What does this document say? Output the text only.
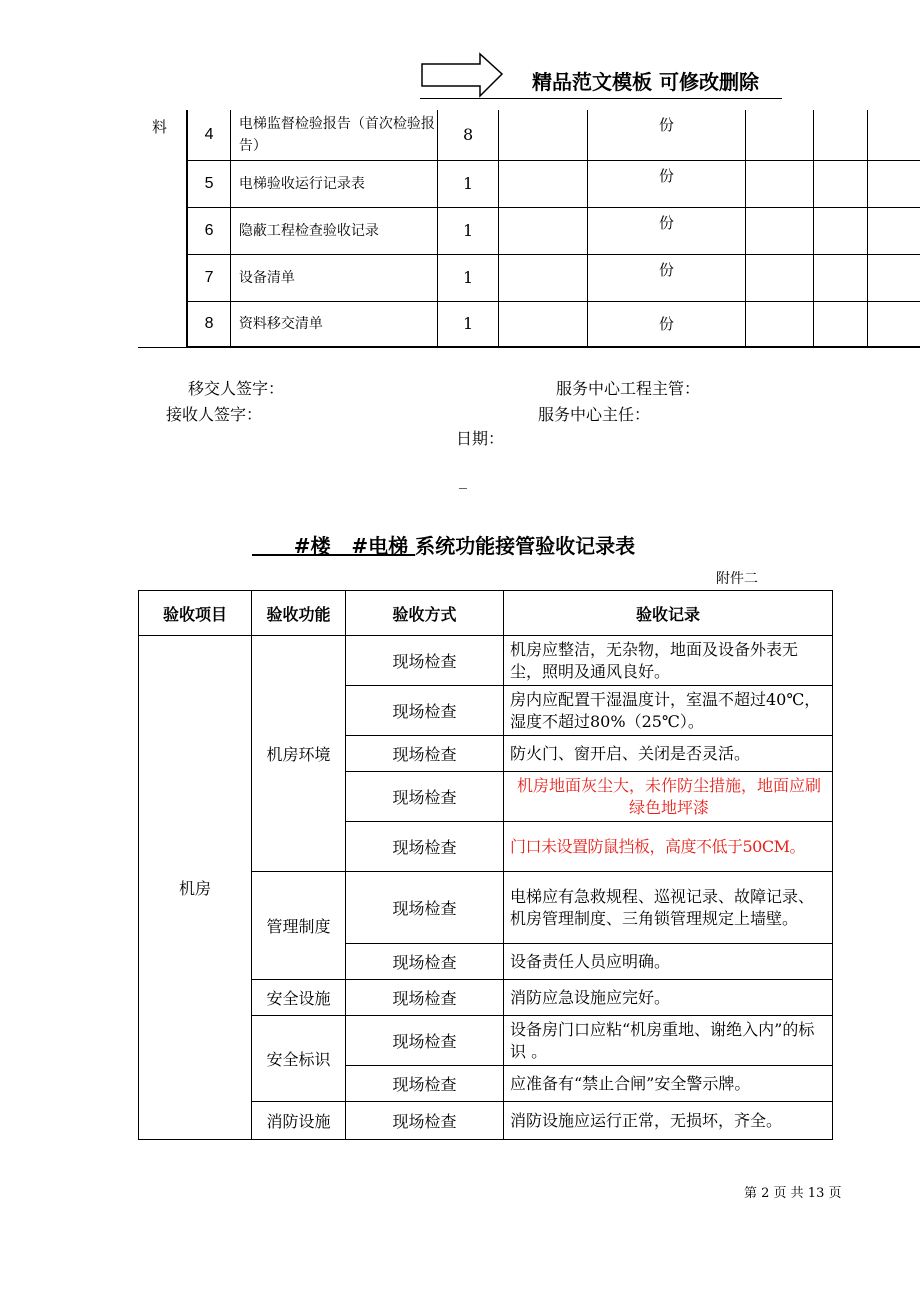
精品范文模板 可修改删除
料	4	电梯监督检验报告（首次检验报告）	8		份			
	5	电梯验收运行记录表	1		份			
	6	隐蔽工程检查验收记录	1		份			
	7	设备清单	1		份			
	8	资料移交清单	1		份			
移交人签字：	服务中心工程主管：
接收人签字：	服务中心主任：
日期：
_
#楼   #电梯 系统功能接管验收记录表
附件二
验收项目	验收功能	验收方式	验收记录
机房	机房环境	现场检查	机房应整洁，无杂物，地面及设备外表无尘，照明及通风良好。
		现场检查	房内应配置干湿温度计，室温不超过40℃，湿度不超过80%（25℃）。
		现场检查	防火门、窗开启、关闭是否灵活。
		现场检查	机房地面灰尘大，未作防尘措施，地面应刷绿色地坪漆
		现场检查	门口未设置防鼠挡板，高度不低于50CM。
	管理制度	现场检查	电梯应有急救规程、巡视记录、故障记录、机房管理制度、三角锁管理规定上墙壁。
		现场检查	设备责任人员应明确。
	安全设施	现场检查	消防应急设施应完好。
	安全标识	现场检查	设备房门口应粘“机房重地、谢绝入内”的标识 。
		现场检查	应准备有“禁止合闸”安全警示牌。
	消防设施	现场检查	消防设施应运行正常，无损坏，齐全。
第 2 页 共 13 页
